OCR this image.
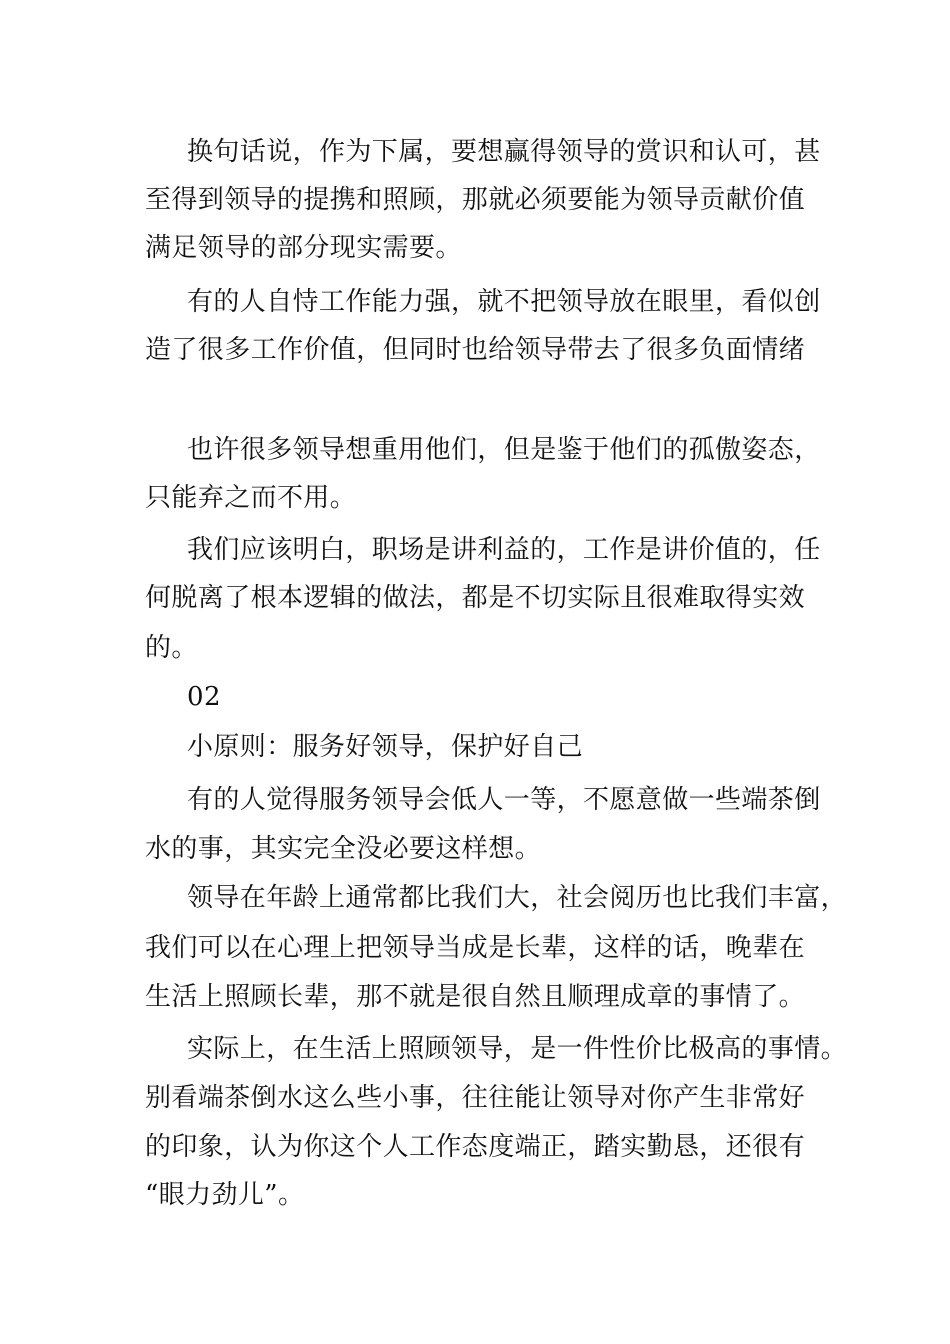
换句话说，作为下属，要想赢得领导的赏识和认可，甚
至得到领导的提携和照顾，那就必须要能为领导贡献价值
满足领导的部分现实需要。
有的人自恃工作能力强，就不把领导放在眼里，看似创
造了很多工作价值，但同时也给领导带去了很多负面情绪
也许很多领导想重用他们，但是鉴于他们的孤傲姿态，
只能弃之而不用。
我们应该明白，职场是讲利益的，工作是讲价值的，任
何脱离了根本逻辑的做法，都是不切实际且很难取得实效
的。
02
小原则：服务好领导，保护好自己
有的人觉得服务领导会低人一等，不愿意做一些端茶倒
水的事，其实完全没必要这样想。
领导在年龄上通常都比我们大，社会阅历也比我们丰富，
我们可以在心理上把领导当成是长辈，这样的话，晚辈在
生活上照顾长辈，那不就是很自然且顺理成章的事情了。
实际上，在生活上照顾领导，是一件性价比极高的事情。
别看端茶倒水这么些小事，往往能让领导对你产生非常好
的印象，认为你这个人工作态度端正，踏实勤恳，还很有
“眼力劲儿”。
